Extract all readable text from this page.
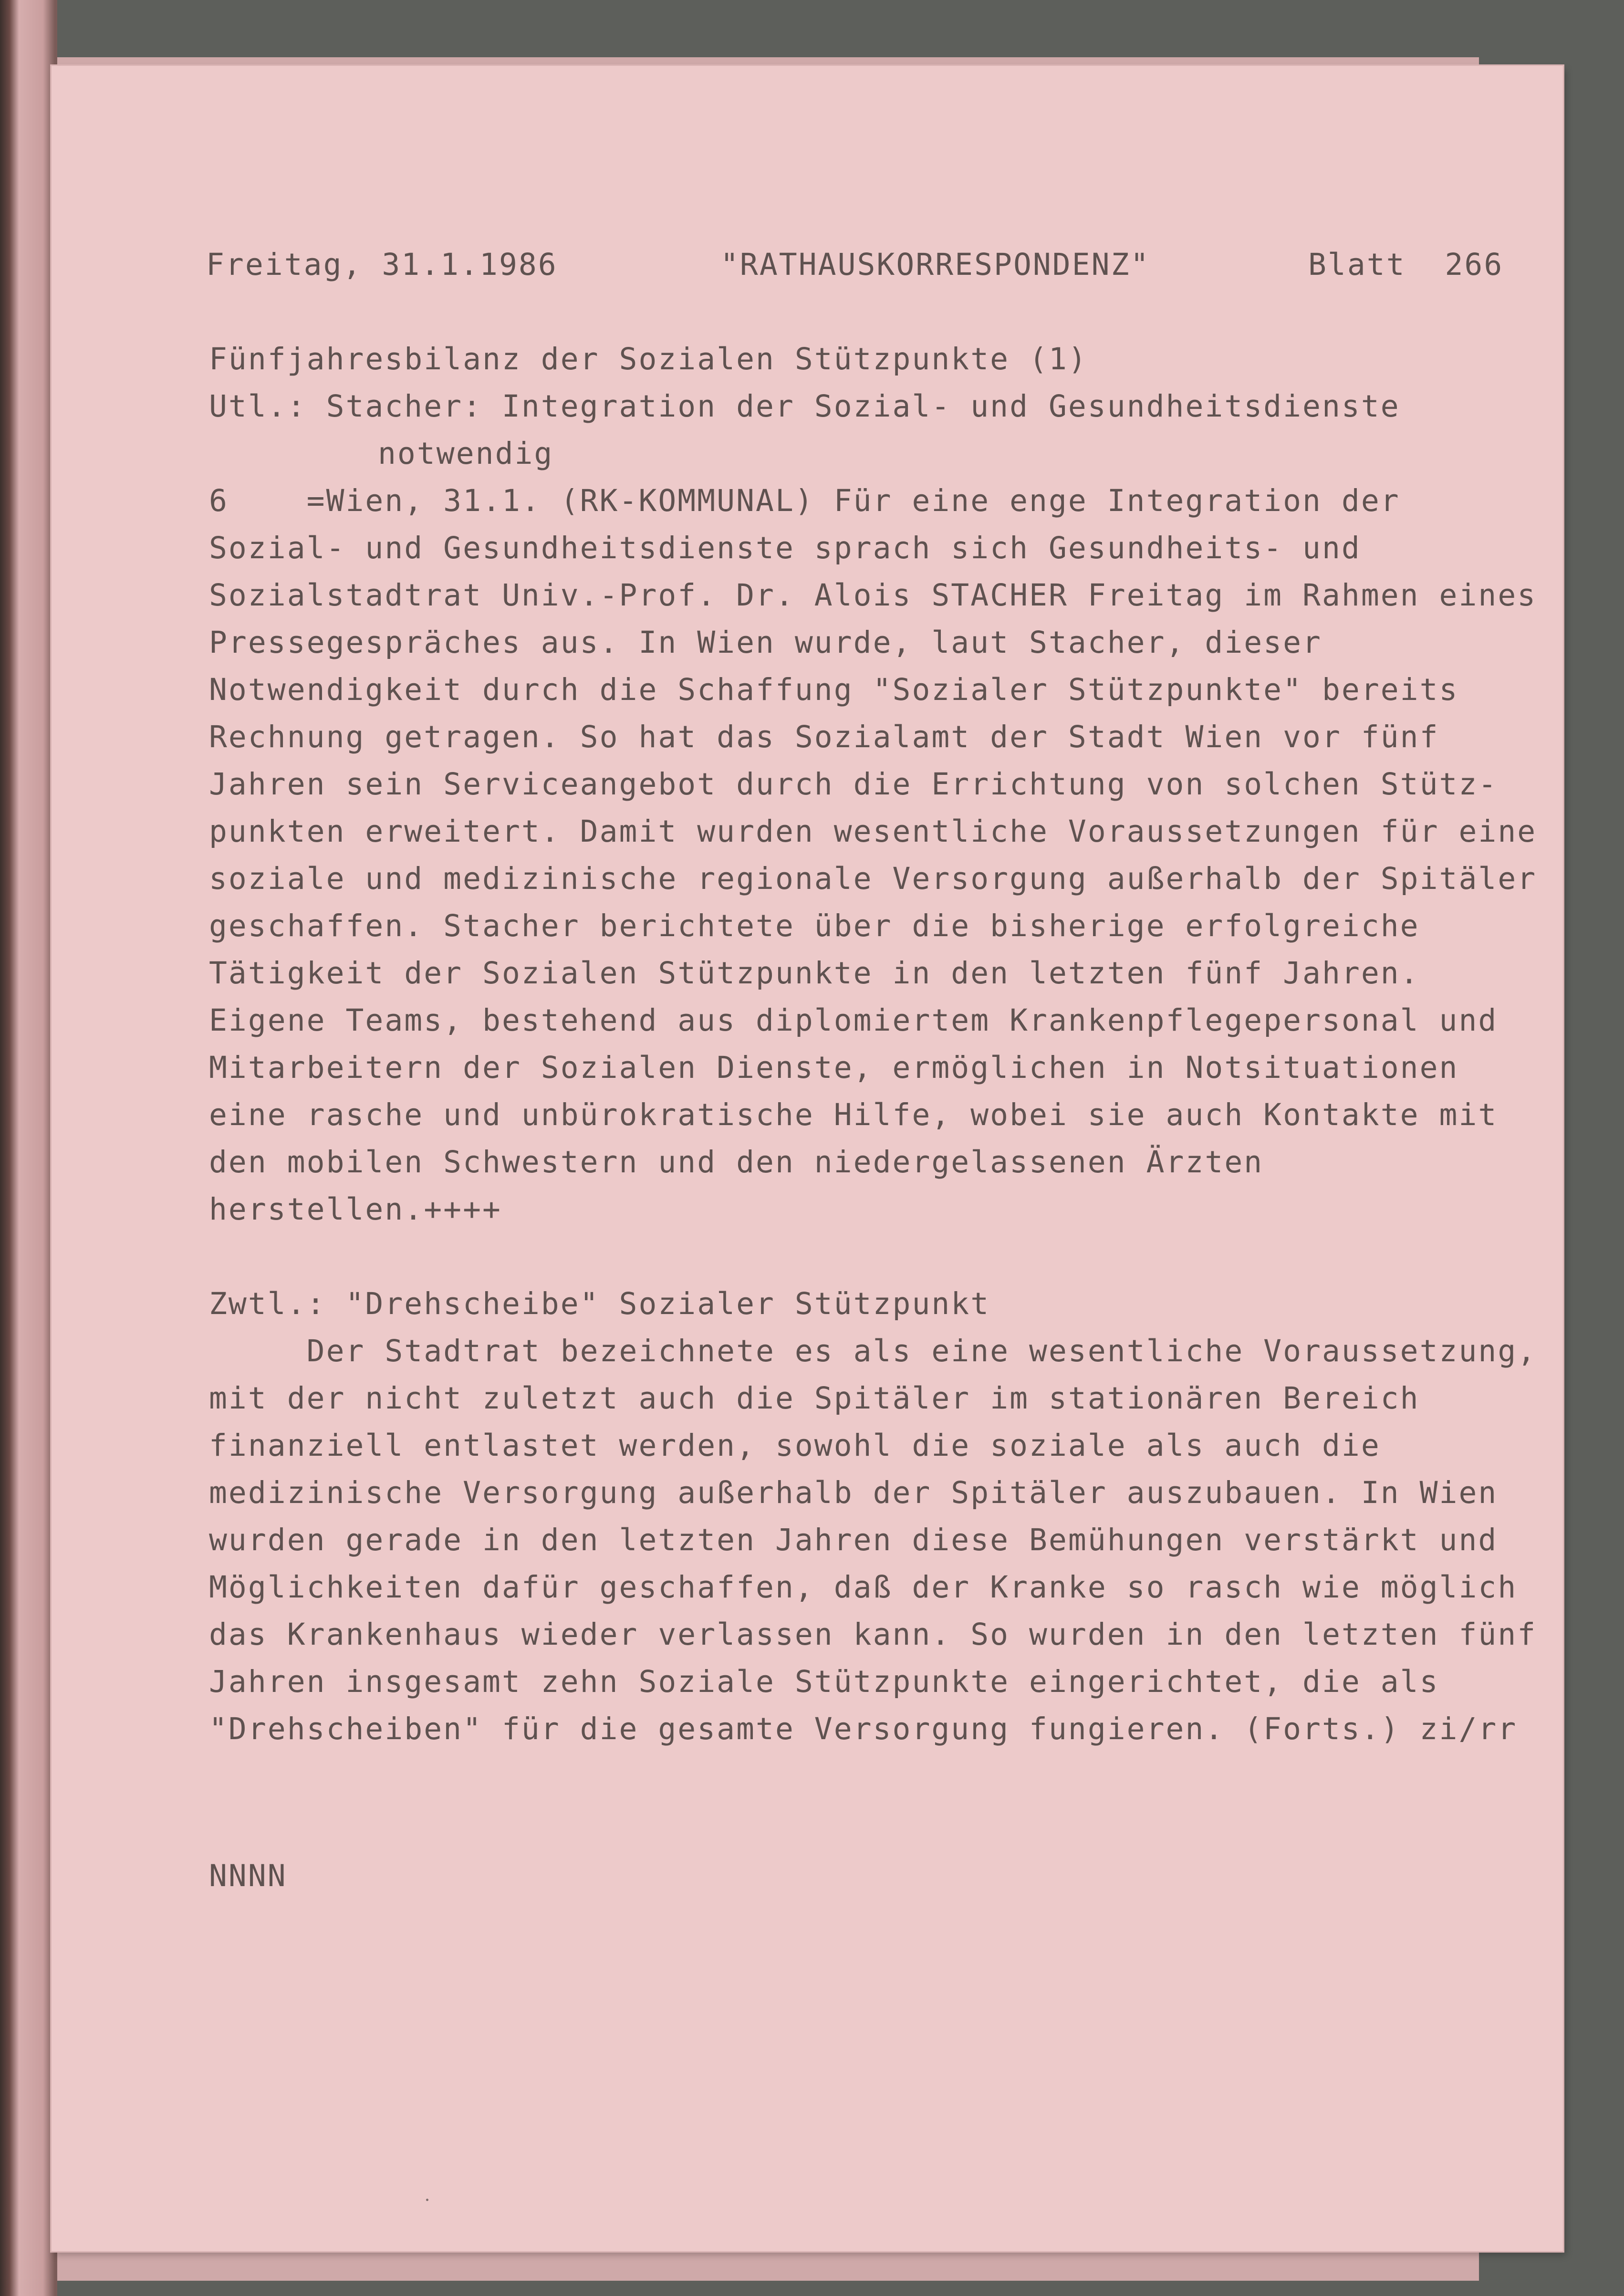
Freitag, 31.1.1986	"RATHAUSKORRESPONDENZ"	Blatt  266
Fünfjahresbilanz der Sozialen Stützpunkte (1)
Utl.: Stacher: Integration der Sozial- und Gesundheitsdienste
notwendig
6    =Wien, 31.1. (RK-KOMMUNAL) Für eine enge Integration der
Sozial- und Gesundheitsdienste sprach sich Gesundheits- und
Sozialstadtrat Univ.-Prof. Dr. Alois STACHER Freitag im Rahmen eines
Pressegespräches aus. In Wien wurde, laut Stacher, dieser
Notwendigkeit durch die Schaffung "Sozialer Stützpunkte" bereits
Rechnung getragen. So hat das Sozialamt der Stadt Wien vor fünf
Jahren sein Serviceangebot durch die Errichtung von solchen Stütz-
punkten erweitert. Damit wurden wesentliche Voraussetzungen für eine
soziale und medizinische regionale Versorgung außerhalb der Spitäler
geschaffen. Stacher berichtete über die bisherige erfolgreiche
Tätigkeit der Sozialen Stützpunkte in den letzten fünf Jahren.
Eigene Teams, bestehend aus diplomiertem Krankenpflegepersonal und
Mitarbeitern der Sozialen Dienste, ermöglichen in Notsituationen
eine rasche und unbürokratische Hilfe, wobei sie auch Kontakte mit
den mobilen Schwestern und den niedergelassenen Ärzten
herstellen.++++
Zwtl.: "Drehscheibe" Sozialer Stützpunkt
Der Stadtrat bezeichnete es als eine wesentliche Voraussetzung,
mit der nicht zuletzt auch die Spitäler im stationären Bereich
finanziell entlastet werden, sowohl die soziale als auch die
medizinische Versorgung außerhalb der Spitäler auszubauen. In Wien
wurden gerade in den letzten Jahren diese Bemühungen verstärkt und
Möglichkeiten dafür geschaffen, daß der Kranke so rasch wie möglich
das Krankenhaus wieder verlassen kann. So wurden in den letzten fünf
Jahren insgesamt zehn Soziale Stützpunkte eingerichtet, die als
"Drehscheiben" für die gesamte Versorgung fungieren. (Forts.) zi/rr
NNNN
